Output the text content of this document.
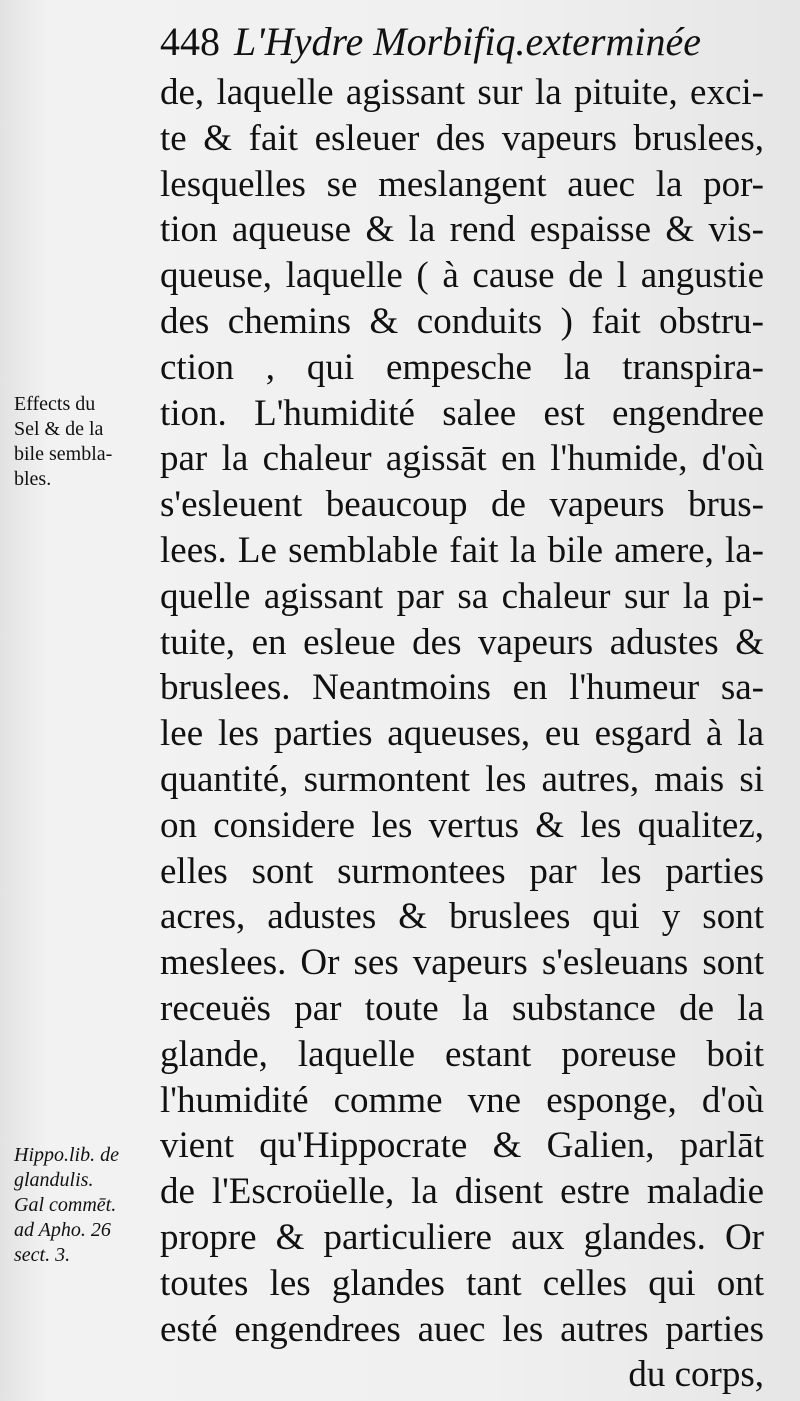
448 L'Hydre Morbifiq.exterminée
Effects du
Sel & de la
bile sembla-
bles.
Hippo.lib. de
glandulis.
Gal commēt.
ad Apho. 26
sect. 3.
de, laquelle agissant sur la pituite, exci-
te & fait esleuer des vapeurs bruslees,
lesquelles se meslangent auec la por-
tion aqueuse & la rend espaisse & vis-
queuse, laquelle ( à cause de l angustie
des chemins & conduits ) fait obstru-
ction , qui empesche la transpira-
tion. L'humidité salee est engendree
par la chaleur agissāt en l'humide, d'où
s'esleuent beaucoup de vapeurs brus-
lees. Le semblable fait la bile amere, la-
quelle agissant par sa chaleur sur la pi-
tuite, en esleue des vapeurs adustes &
bruslees. Neantmoins en l'humeur sa-
lee les parties aqueuses, eu esgard à la
quantité, surmontent les autres, mais si
on considere les vertus & les qualitez,
elles sont surmontees par les parties
acres, adustes & bruslees qui y sont
meslees. Or ses vapeurs s'esleuans sont
receuës par toute la substance de la
glande, laquelle estant poreuse boit
l'humidité comme vne esponge, d'où
vient qu'Hippocrate & Galien, parlāt
de l'Escroüelle, la disent estre maladie
propre & particuliere aux glandes. Or
toutes les glandes tant celles qui ont
esté engendrees auec les autres parties
du corps,
